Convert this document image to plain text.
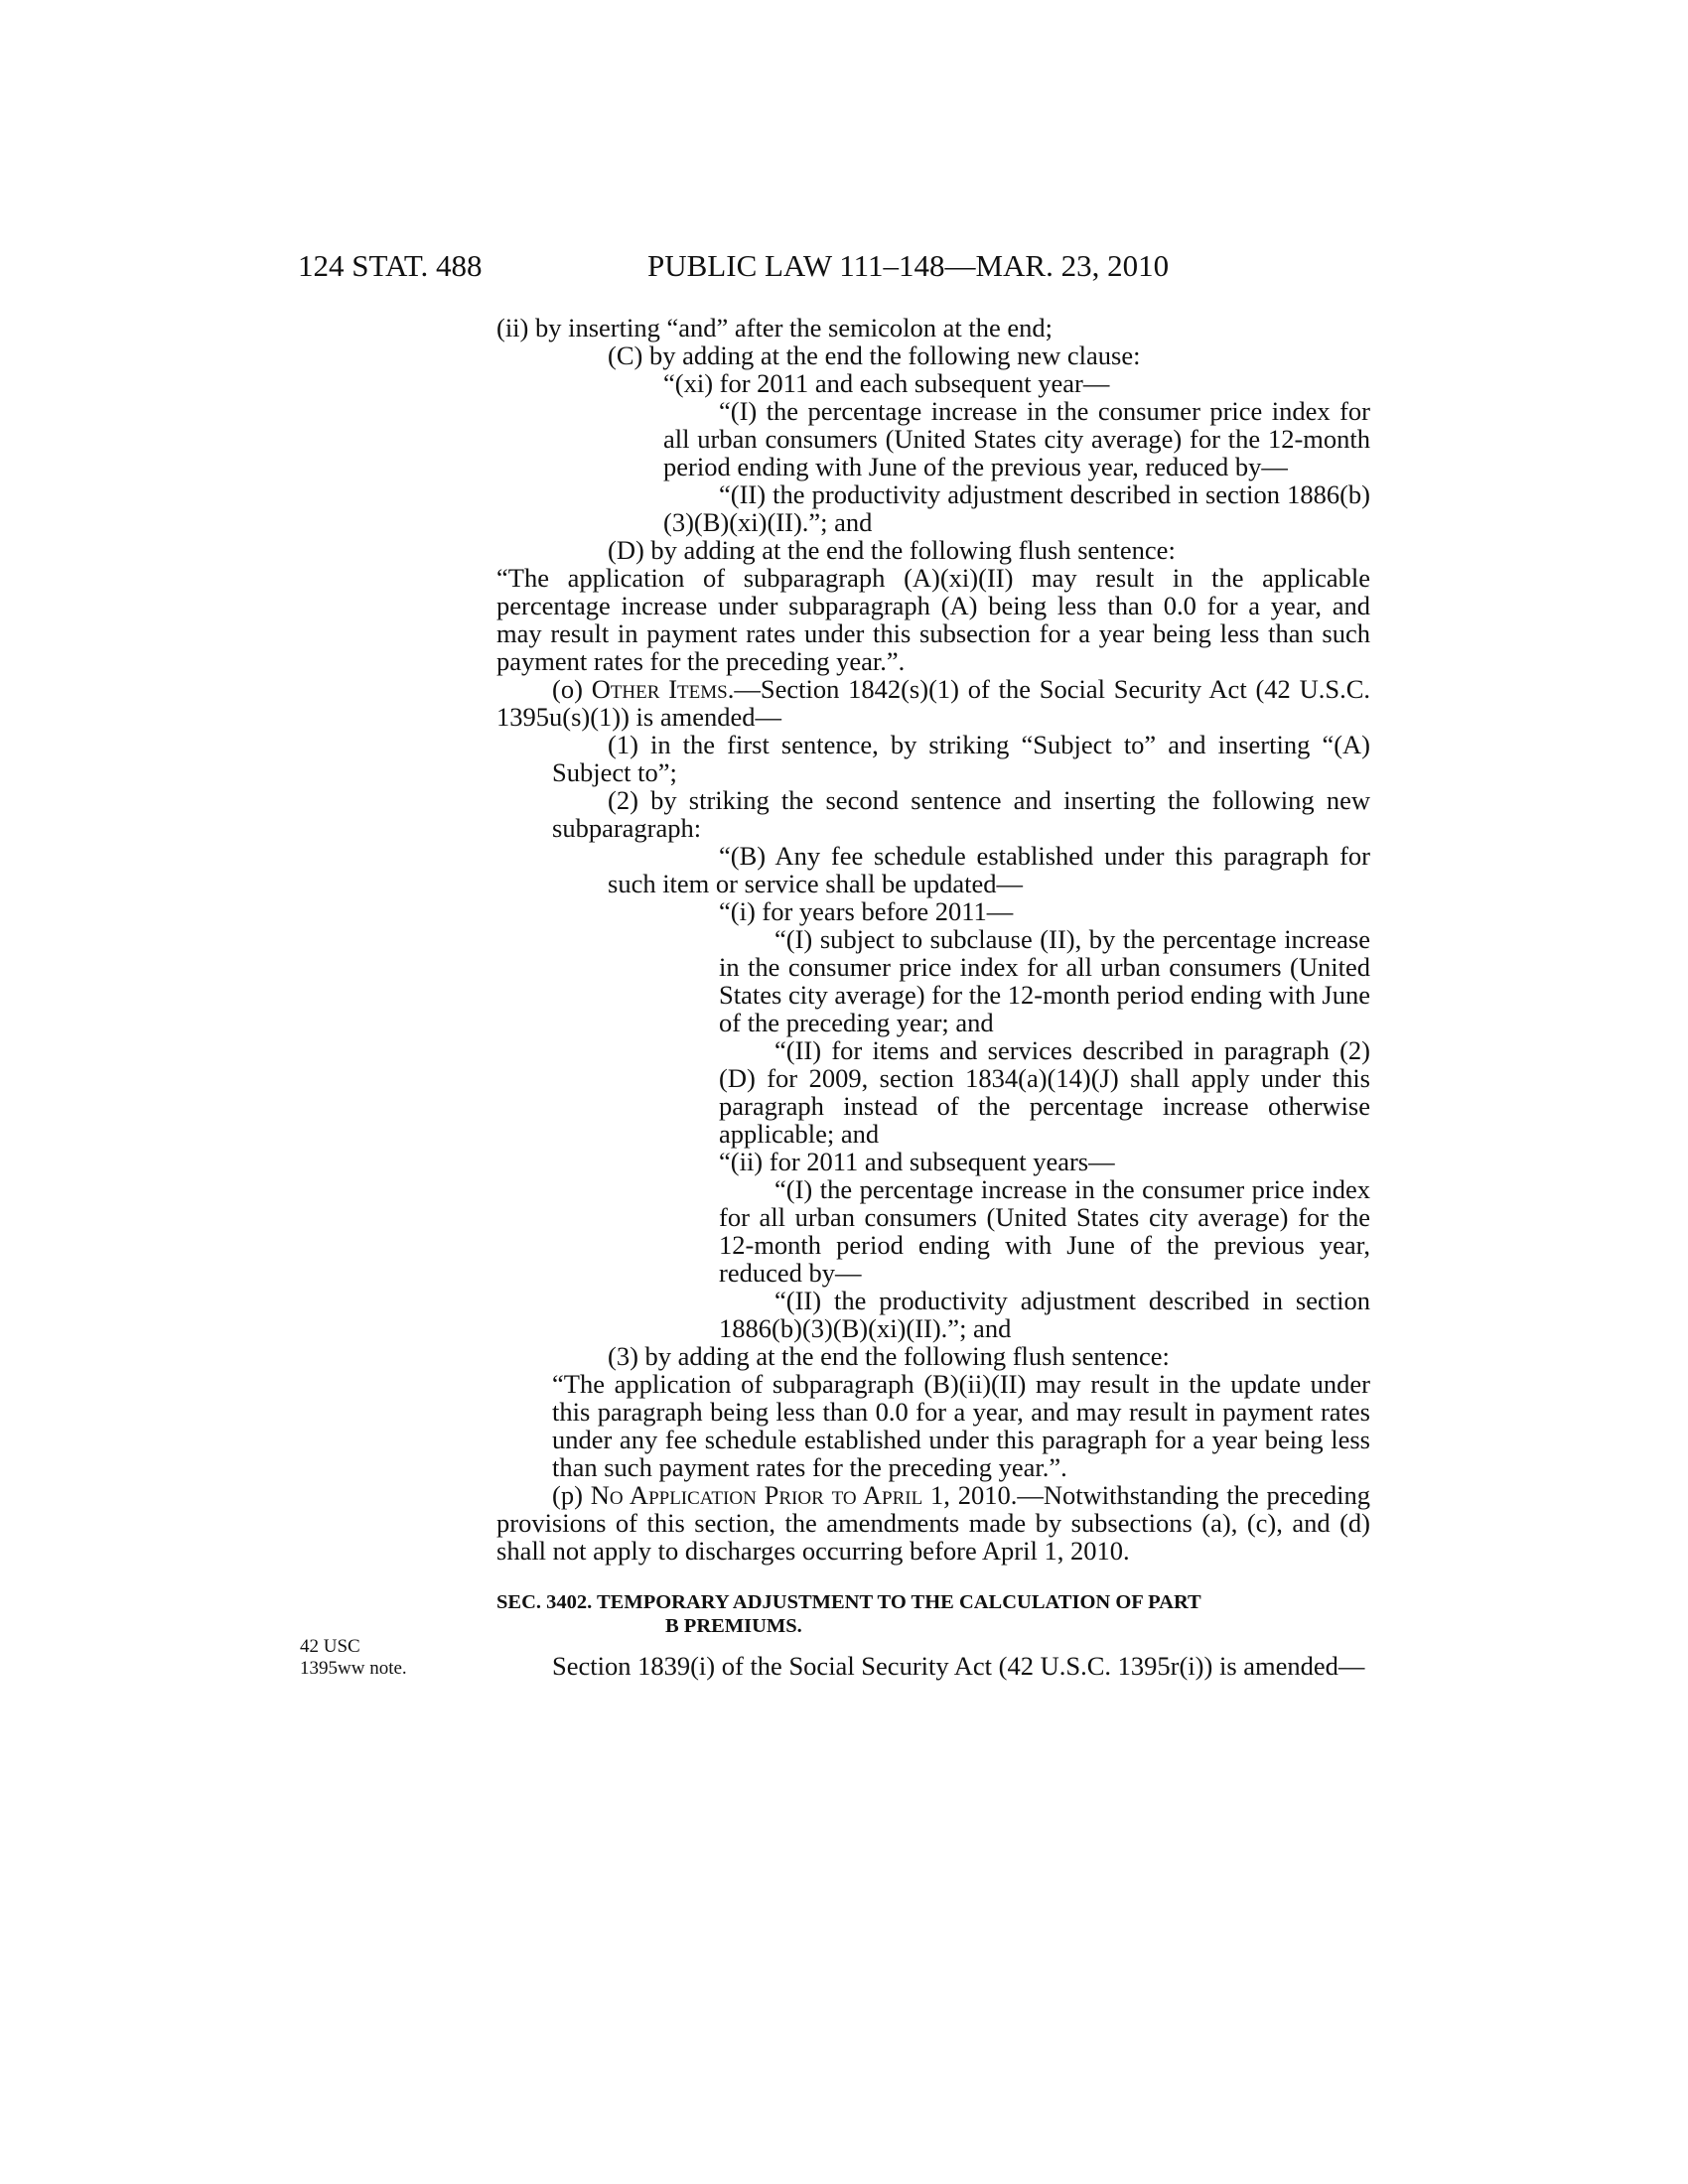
124 STAT. 488	PUBLIC LAW 111–148—MAR. 23, 2010
42 USC
1395ww note.

(ii) by inserting “and” after the semicolon at the end;

(C) by adding at the end the following new clause:

“(xi) for 2011 and each subsequent year—

“(I) the percentage increase in the consumer price index for all urban consumers (United States city average) for the 12-month period ending with June of the previous year, reduced by—

“(II) the productivity adjustment described in section 1886(b)(3)(B)(xi)(II).”; and

(D) by adding at the end the following flush sentence:

“The application of subparagraph (A)(xi)(II) may result in the applicable percentage increase under subparagraph (A) being less than 0.0 for a year, and may result in payment rates under this subsection for a year being less than such payment rates for the preceding year.”.

(o) Other Items.—Section 1842(s)(1) of the Social Security Act (42 U.S.C. 1395u(s)(1)) is amended—

(1) in the first sentence, by striking “Subject to” and inserting “(A) Subject to”;

(2) by striking the second sentence and inserting the following new subparagraph:

“(B) Any fee schedule established under this paragraph for such item or service shall be updated—

“(i) for years before 2011—

“(I) subject to subclause (II), by the percentage increase in the consumer price index for all urban consumers (United States city average) for the 12-month period ending with June of the preceding year; and

“(II) for items and services described in paragraph (2)(D) for 2009, section 1834(a)(14)(J) shall apply under this paragraph instead of the percentage increase otherwise applicable; and

“(ii) for 2011 and subsequent years—

“(I) the percentage increase in the consumer price index for all urban consumers (United States city average) for the 12-month period ending with June of the previous year, reduced by—

“(II) the productivity adjustment described in section 1886(b)(3)(B)(xi)(II).”; and

(3) by adding at the end the following flush sentence:

“The application of subparagraph (B)(ii)(II) may result in the update under this paragraph being less than 0.0 for a year, and may result in payment rates under any fee schedule established under this paragraph for a year being less than such payment rates for the preceding year.”.

(p) No Application Prior to April 1, 2010.—Notwithstanding the preceding provisions of this section, the amendments made by subsections (a), (c), and (d) shall not apply to discharges occurring before April 1, 2010.

SEC. 3402. TEMPORARY ADJUSTMENT TO THE CALCULATION OF PART
B PREMIUMS.

Section 1839(i) of the Social Security Act (42 U.S.C. 1395r(i)) is amended—
